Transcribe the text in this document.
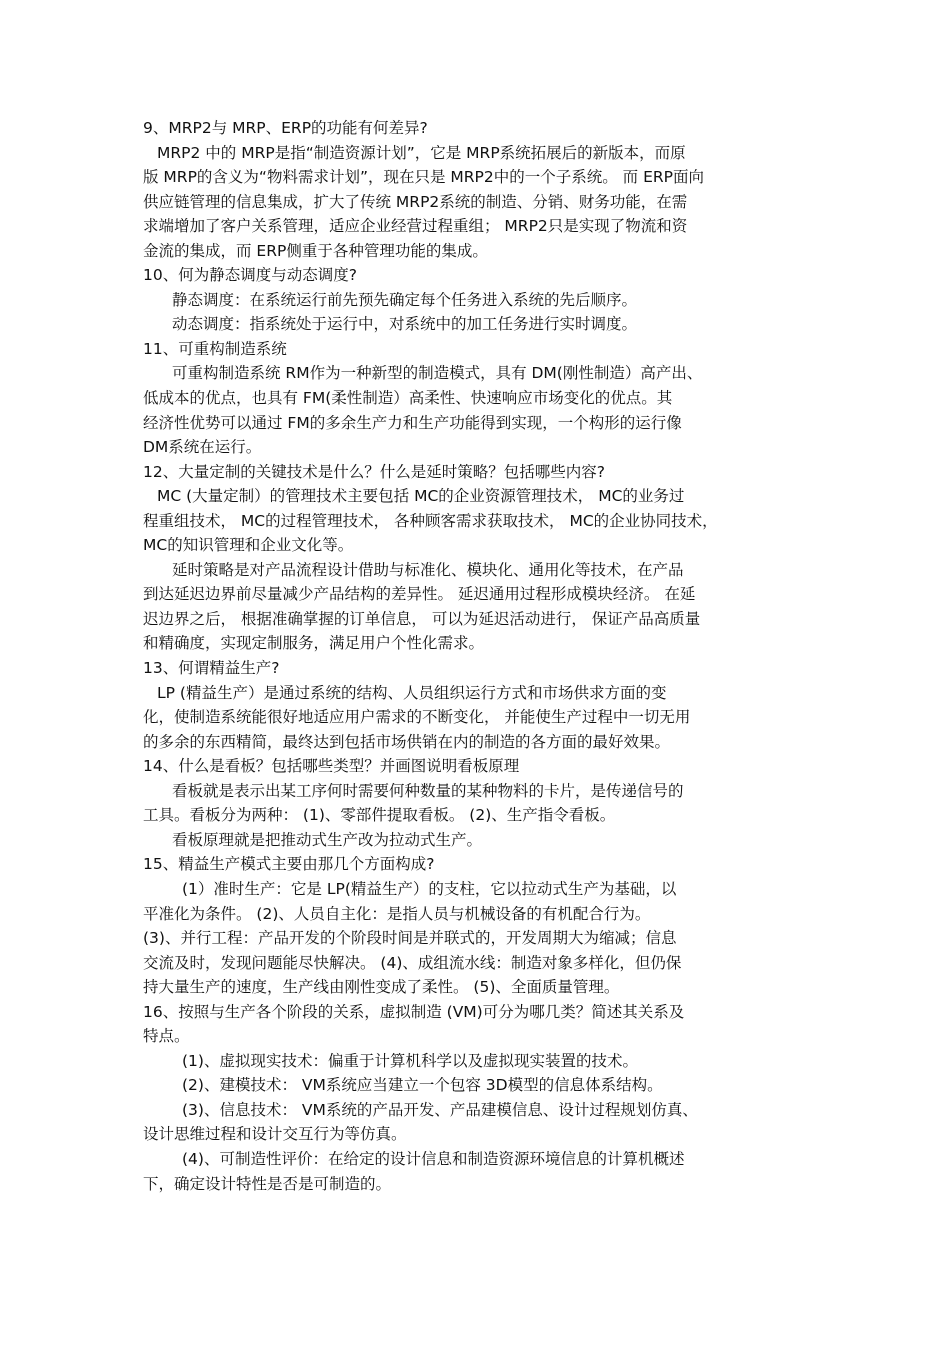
9、MRP2与 MRP、ERP的功能有何差异?
MRP2 中的 MRP是指“制造资源计划”，它是 MRP系统拓展后的新版本，而原
版 MRP的含义为“物料需求计划”，现在只是 MRP2中的一个子系统。 而 ERP面向
供应链管理的信息集成，扩大了传统 MRP2系统的制造、分销、财务功能，在需
求端增加了客户关系管理，适应企业经营过程重组； MRP2只是实现了物流和资
金流的集成，而 ERP侧重于各种管理功能的集成。
10、何为静态调度与动态调度?
静态调度：在系统运行前先预先确定每个任务进入系统的先后顺序。
动态调度：指系统处于运行中，对系统中的加工任务进行实时调度。
11、可重构制造系统
可重构制造系统 RM作为一种新型的制造模式，具有 DM(刚性制造）高产出、
低成本的优点，也具有 FM(柔性制造）高柔性、快速响应市场变化的优点。其
经济性优势可以通过 FM的多余生产力和生产功能得到实现，一个构形的运行像
DM系统在运行。
12、大量定制的关键技术是什么？什么是延时策略？包括哪些内容?
MC (大量定制）的管理技术主要包括 MC的企业资源管理技术， MC的业务过
程重组技术， MC的过程管理技术， 各种顾客需求获取技术， MC的企业协同技术，
MC的知识管理和企业文化等。
延时策略是对产品流程设计借助与标准化、模块化、通用化等技术，在产品
到达延迟边界前尽量减少产品结构的差异性。 延迟通用过程形成模块经济。 在延
迟边界之后， 根据准确掌握的订单信息， 可以为延迟活动进行， 保证产品高质量
和精确度，实现定制服务，满足用户个性化需求。
13、何谓精益生产?
LP (精益生产）是通过系统的结构、人员组织运行方式和市场供求方面的变
化，使制造系统能很好地适应用户需求的不断变化， 并能使生产过程中一切无用
的多余的东西精简，最终达到包括市场供销在内的制造的各方面的最好效果。
14、什么是看板？包括哪些类型？并画图说明看板原理
看板就是表示出某工序何时需要何种数量的某种物料的卡片，是传递信号的
工具。看板分为两种： (1)、零部件提取看板。 (2)、生产指令看板。
看板原理就是把推动式生产改为拉动式生产。
15、精益生产模式主要由那几个方面构成?
(1）准时生产：它是 LP(精益生产）的支柱，它以拉动式生产为基础，以
平准化为条件。 (2)、人员自主化：是指人员与机械设备的有机配合行为。
(3)、并行工程：产品开发的个阶段时间是并联式的，开发周期大为缩减；信息
交流及时，发现问题能尽快解决。 (4)、成组流水线：制造对象多样化，但仍保
持大量生产的速度，生产线由刚性变成了柔性。 (5)、全面质量管理。
16、按照与生产各个阶段的关系，虚拟制造 (VM)可分为哪几类？简述其关系及
特点。
(1)、虚拟现实技术：偏重于计算机科学以及虚拟现实装置的技术。
(2)、建模技术： VM系统应当建立一个包容 3D模型的信息体系结构。
(3)、信息技术： VM系统的产品开发、产品建模信息、设计过程规划仿真、
设计思维过程和设计交互行为等仿真。
(4)、可制造性评价：在给定的设计信息和制造资源环境信息的计算机概述
下，确定设计特性是否是可制造的。
